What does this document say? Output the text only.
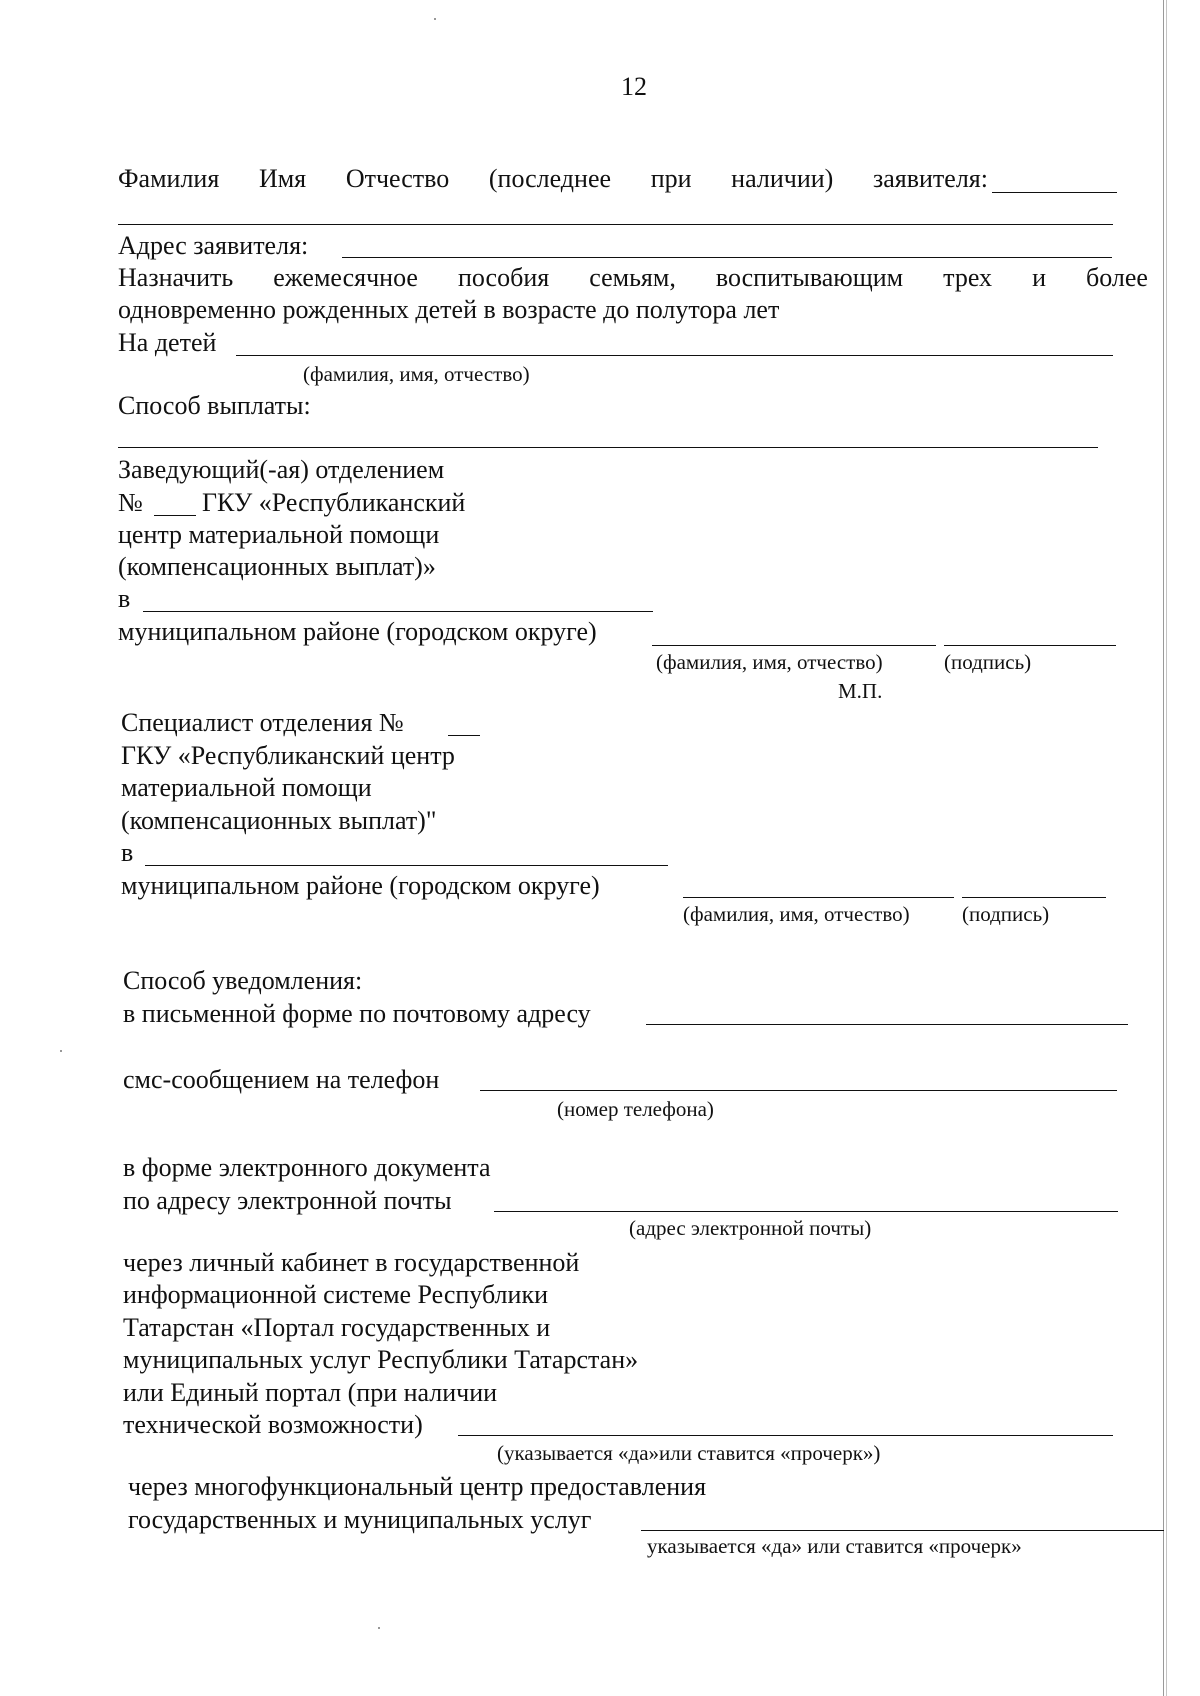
12
Фамилия Имя Отчество (последнее при наличии) заявителя:
Адрес заявителя:
Назначить ежемесячное пособия семьям, воспитывающим трех и более
одновременно рожденных детей в возрасте до полутора лет
На детей
(фамилия, имя, отчество)
Способ выплаты:
Заведующий(-ая) отделением
№ ГКУ «Республиканский
центр материальной помощи
(компенсационных выплат)»
в
муниципальном районе (городском округе)
(фамилия, имя, отчество)	(подпись)
М.П.
Специалист отделения №
ГКУ «Республиканский центр
материальной помощи
(компенсационных выплат)"
в
муниципальном районе (городском округе)
(фамилия, имя, отчество) (подпись)
Способ уведомления:
в письменной форме по почтовому адресу
смс-сообщением на телефон
(номер телефона)
в форме электронного документа
по адресу электронной почты
(адрес электронной почты)
через личный кабинет в государственной
информационной системе Республики
Татарстан «Портал государственных и
муниципальных услуг Республики Татарстан»
или Единый портал (при наличии
технической возможности)
(указывается «да»или ставится «прочерк»)
через многофункциональный центр предоставления
государственных и муниципальных услуг
указывается «да» или ставится «прочерк»
